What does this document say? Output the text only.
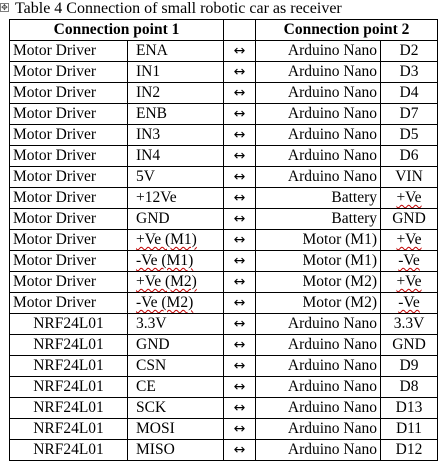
✥ Table 4 Connection of small robotic car as receiver
Connection point 1			Connection point 2	
Motor Driver	ENA	↔	Arduino Nano	D2
Motor Driver	IN1	↔	Arduino Nano	D3
Motor Driver	IN2	↔	Arduino Nano	D4
Motor Driver	ENB	↔	Arduino Nano	D7
Motor Driver	IN3	↔	Arduino Nano	D5
Motor Driver	IN4	↔	Arduino Nano	D6
Motor Driver	5V	↔	Arduino Nano	VIN
Motor Driver	+12Ve	↔	Battery	+Ve
Motor Driver	GND	↔	Battery	GND
Motor Driver	+Ve (M1)	↔	Motor (M1)	+Ve
Motor Driver	-Ve (M1)	↔	Motor (M1)	-Ve
Motor Driver	+Ve (M2)	↔	Motor (M2)	+Ve
Motor Driver	-Ve (M2)	↔	Motor (M2)	-Ve
NRF24L01	3.3V	↔	Arduino Nano	3.3V
NRF24L01	GND	↔	Arduino Nano	GND
NRF24L01	CSN	↔	Arduino Nano	D9
NRF24L01	CE	↔	Arduino Nano	D8
NRF24L01	SCK	↔	Arduino Nano	D13
NRF24L01	MOSI	↔	Arduino Nano	D11
NRF24L01	MISO	↔	Arduino Nano	D12
